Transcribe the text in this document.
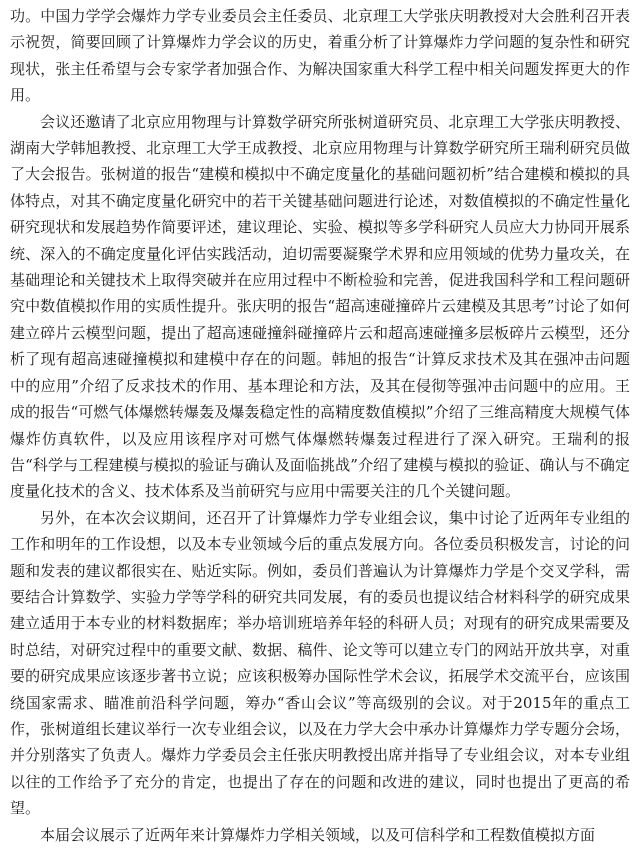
功。中国力学学会爆炸力学专业委员会主任委员、北京理工大学张庆明教授对大会胜利召开表示祝贺，简要回顾了计算爆炸力学会议的历史，着重分析了计算爆炸力学问题的复杂性和研究现状，张主任希望与会专家学者加强合作、为解决国家重大科学工程中相关问题发挥更大的作用。

会议还邀请了北京应用物理与计算数学研究所张树道研究员、北京理工大学张庆明教授、湖南大学韩旭教授、北京理工大学王成教授、北京应用物理与计算数学研究所王瑞利研究员做了大会报告。张树道的报告“建模和模拟中不确定度量化的基础问题初析”结合建模和模拟的具体特点，对其不确定度量化研究中的若干关键基础问题进行论述，对数值模拟的不确定性量化研究现状和发展趋势作简要评述，建议理论、实验、模拟等多学科研究人员应大力协同开展系统、深入的不确定度量化评估实践活动，迫切需要凝聚学术界和应用领域的优势力量攻关，在基础理论和关键技术上取得突破并在应用过程中不断检验和完善，促进我国科学和工程问题研究中数值模拟作用的实质性提升。张庆明的报告“超高速碰撞碎片云建模及其思考”讨论了如何建立碎片云模型问题，提出了超高速碰撞斜碰撞碎片云和超高速碰撞多层板碎片云模型，还分析了现有超高速碰撞模拟和建模中存在的问题。韩旭的报告“计算反求技术及其在强冲击问题中的应用”介绍了反求技术的作用、基本理论和方法，及其在侵彻等强冲击问题中的应用。王成的报告“可燃气体爆燃转爆轰及爆轰稳定性的高精度数值模拟”介绍了三维高精度大规模气体爆炸仿真软件，以及应用该程序对可燃气体爆燃转爆轰过程进行了深入研究。王瑞利的报告“科学与工程建模与模拟的验证与确认及面临挑战”介绍了建模与模拟的验证、确认与不确定度量化技术的含义、技术体系及当前研究与应用中需要关注的几个关键问题。

另外，在本次会议期间，还召开了计算爆炸力学专业组会议，集中讨论了近两年专业组的工作和明年的工作设想，以及本专业领域今后的重点发展方向。各位委员积极发言，讨论的问题和发表的建议都很实在、贴近实际。例如，委员们普遍认为计算爆炸力学是个交叉学科，需要结合计算数学、实验力学等学科的研究共同发展，有的委员也提议结合材料科学的研究成果建立适用于本专业的材料数据库；举办培训班培养年轻的科研人员；对现有的研究成果需要及时总结，对研究过程中的重要文献、数据、稿件、论文等可以建立专门的网站开放共享，对重要的研究成果应该逐步著书立说；应该积极筹办国际性学术会议，拓展学术交流平台，应该围绕国家需求、瞄准前沿科学问题，筹办“香山会议”等高级别的会议。对于2015年的重点工作，张树道组长建议举行一次专业组会议，以及在力学大会中承办计算爆炸力学专题分会场，并分别落实了负责人。爆炸力学委员会主任张庆明教授出席并指导了专业组会议，对本专业组以往的工作给予了充分的肯定，也提出了存在的问题和改进的建议，同时也提出了更高的希望。

本届会议展示了近两年来计算爆炸力学相关领域，以及可信科学和工程数值模拟方面
